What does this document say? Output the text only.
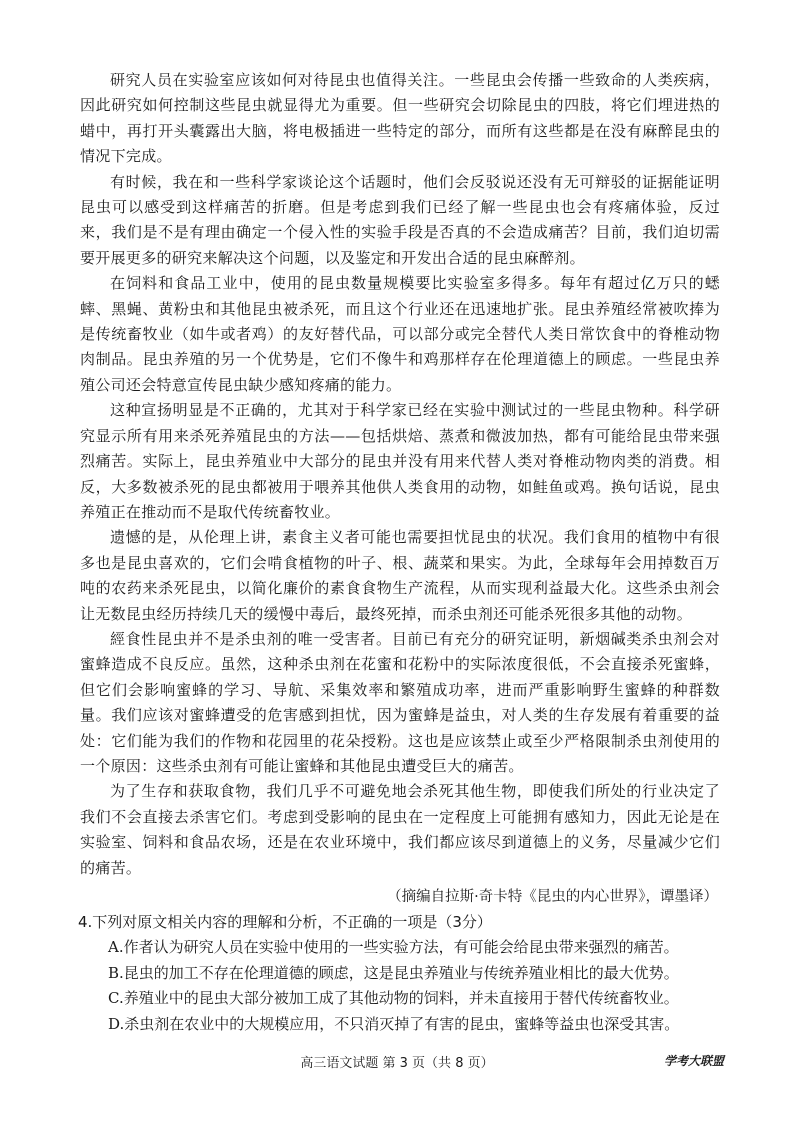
研究人员在实验室应该如何对待昆虫也值得关注。一些昆虫会传播一些致命的人类疾病，因此研究如何控制这些昆虫就显得尤为重要。但一些研究会切除昆虫的四肢，将它们埋进热的蜡中，再打开头囊露出大脑，将电极插进一些特定的部分，而所有这些都是在没有麻醉昆虫的情况下完成。

有时候，我在和一些科学家谈论这个话题时，他们会反驳说还没有无可辩驳的证据能证明昆虫可以感受到这样痛苦的折磨。但是考虑到我们已经了解一些昆虫也会有疼痛体验，反过来，我们是不是有理由确定一个侵入性的实验手段是否真的不会造成痛苦？目前，我们迫切需要开展更多的研究来解决这个问题，以及鉴定和开发出合适的昆虫麻醉剂。

在饲料和食品工业中，使用的昆虫数量规模要比实验室多得多。每年有超过亿万只的蟋蟀、黑蝇、黄粉虫和其他昆虫被杀死，而且这个行业还在迅速地扩张。昆虫养殖经常被吹捧为是传统畜牧业（如牛或者鸡）的友好替代品，可以部分或完全替代人类日常饮食中的脊椎动物肉制品。昆虫养殖的另一个优势是，它们不像牛和鸡那样存在伦理道德上的顾虑。一些昆虫养殖公司还会特意宣传昆虫缺少感知疼痛的能力。

这种宣扬明显是不正确的，尤其对于科学家已经在实验中测试过的一些昆虫物种。科学研究显示所有用来杀死养殖昆虫的方法——包括烘焙、蒸煮和微波加热，都有可能给昆虫带来强烈痛苦。实际上，昆虫养殖业中大部分的昆虫并没有用来代替人类对脊椎动物肉类的消费。相反，大多数被杀死的昆虫都被用于喂养其他供人类食用的动物，如鲑鱼或鸡。换句话说，昆虫养殖正在推动而不是取代传统畜牧业。

遗憾的是，从伦理上讲，素食主义者可能也需要担忧昆虫的状况。我们食用的植物中有很多也是昆虫喜欢的，它们会啃食植物的叶子、根、蔬菜和果实。为此，全球每年会用掉数百万吨的农药来杀死昆虫，以简化廉价的素食食物生产流程，从而实现利益最大化。这些杀虫剂会让无数昆虫经历持续几天的缓慢中毒后，最终死掉，而杀虫剂还可能杀死很多其他的动物。

經食性昆虫并不是杀虫剂的唯一受害者。目前已有充分的研究证明，新烟碱类杀虫剂会对蜜蜂造成不良反应。虽然，这种杀虫剂在花蜜和花粉中的实际浓度很低，不会直接杀死蜜蜂，但它们会影响蜜蜂的学习、导航、采集效率和繁殖成功率，进而严重影响野生蜜蜂的种群数量。我们应该对蜜蜂遭受的危害感到担忧，因为蜜蜂是益虫，对人类的生存发展有着重要的益处：它们能为我们的作物和花园里的花朵授粉。这也是应该禁止或至少严格限制杀虫剂使用的一个原因：这些杀虫剂有可能让蜜蜂和其他昆虫遭受巨大的痛苦。

为了生存和获取食物，我们几乎不可避免地会杀死其他生物，即使我们所处的行业决定了我们不会直接去杀害它们。考虑到受影响的昆虫在一定程度上可能拥有感知力，因此无论是在实验室、饲料和食品农场，还是在农业环境中，我们都应该尽到道德上的义务，尽量减少它们的痛苦。

（摘编自拉斯·奇卡特《昆虫的内心世界》，谭墨译）

4.下列对原文相关内容的理解和分析，不正确的一项是（3分）

A.作者认为研究人员在实验中使用的一些实验方法，有可能会给昆虫带来强烈的痛苦。

B.昆虫的加工不存在伦理道德的顾虑，这是昆虫养殖业与传统养殖业相比的最大优势。

C.养殖业中的昆虫大部分被加工成了其他动物的饲料，并未直接用于替代传统畜牧业。

D.杀虫剂在农业中的大规模应用，不只消灭掉了有害的昆虫，蜜蜂等益虫也深受其害。

高三语文试题 第 3 页（共 8 页）	学考大联盟
